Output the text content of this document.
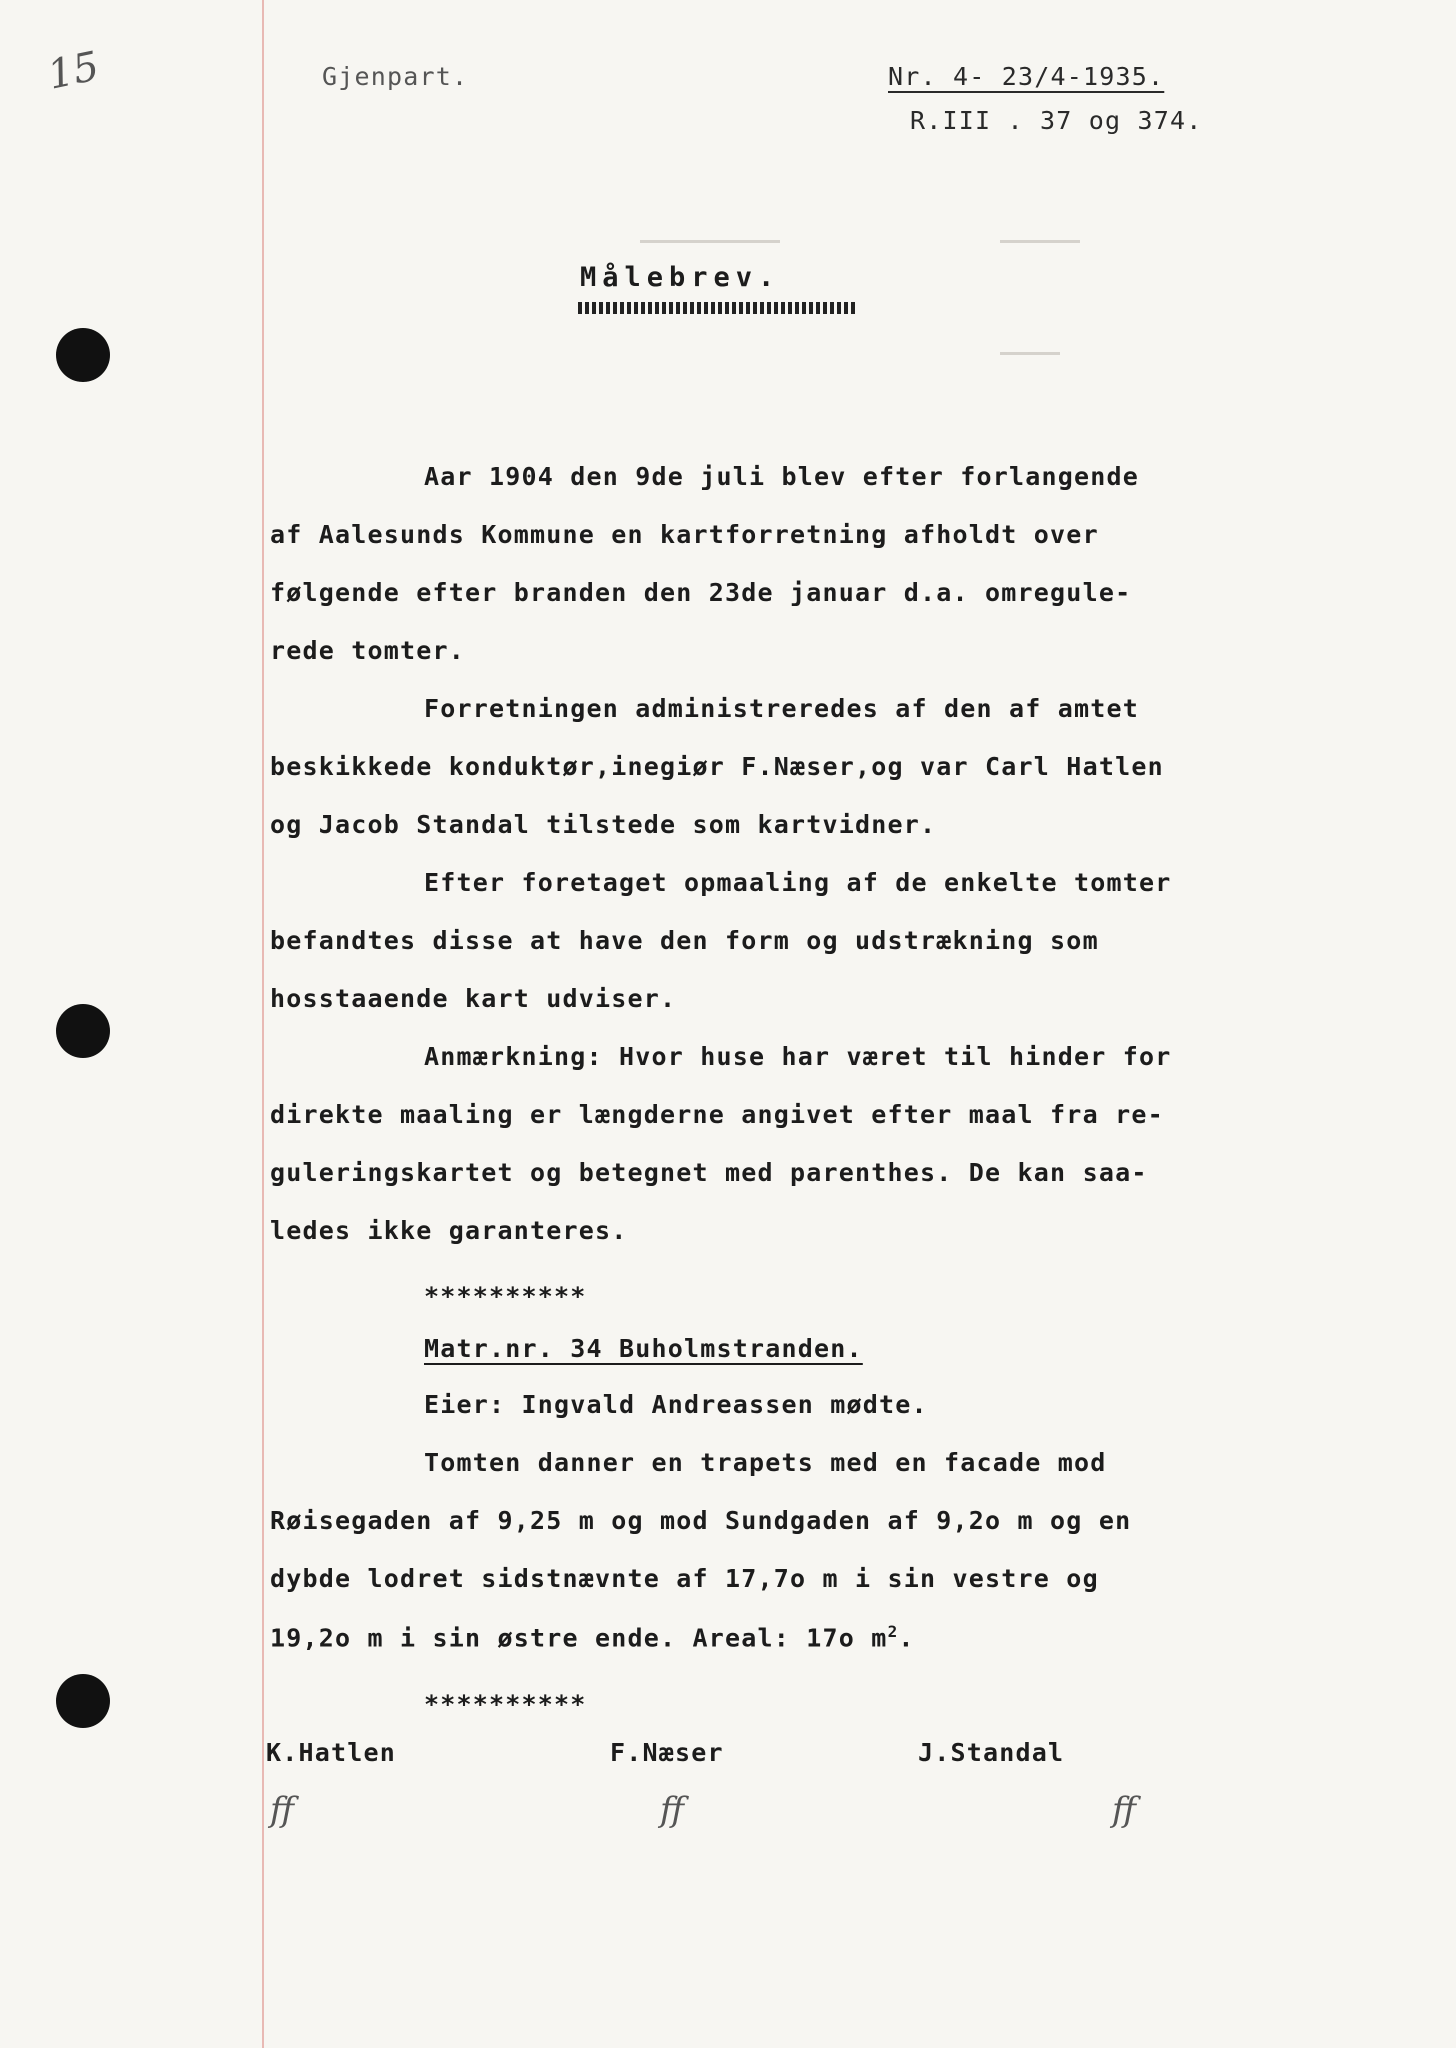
15	Gjenpart.	Nr. 4- 23/4-1935.
R.III . 37 og 374.
Målebrev.
Aar 1904 den 9de juli blev efter forlangende
af Aalesunds Kommune en kartforretning afholdt over
følgende efter branden den 23de januar d.a. omregule-
rede tomter.
Forretningen administreredes af den af amtet
beskikkede konduktør,inegiør F.Næser,og var Carl Hatlen
og Jacob Standal tilstede som kartvidner.
Efter foretaget opmaaling af de enkelte tomter
befandtes disse at have den form og udstrækning som
hosstaaende kart udviser.
Anmærkning: Hvor huse har været til hinder for
direkte maaling er længderne angivet efter maal fra re-
guleringskartet og betegnet med parenthes. De kan saa-
ledes ikke garanteres.
**********
Matr.nr. 34 Buholmstranden.
Eier: Ingvald Andreassen mødte.
Tomten danner en trapets med en facade mod
Røisegaden af 9,25 m og mod Sundgaden af 9,2o m og en
dybde lodret sidstnævnte af 17,7o m i sin vestre og
19,2o m i sin østre ende. Areal: 17o $m^2$.
**********
K.Hatlen	F.Næser	J.Standal
ff	ff	ff
